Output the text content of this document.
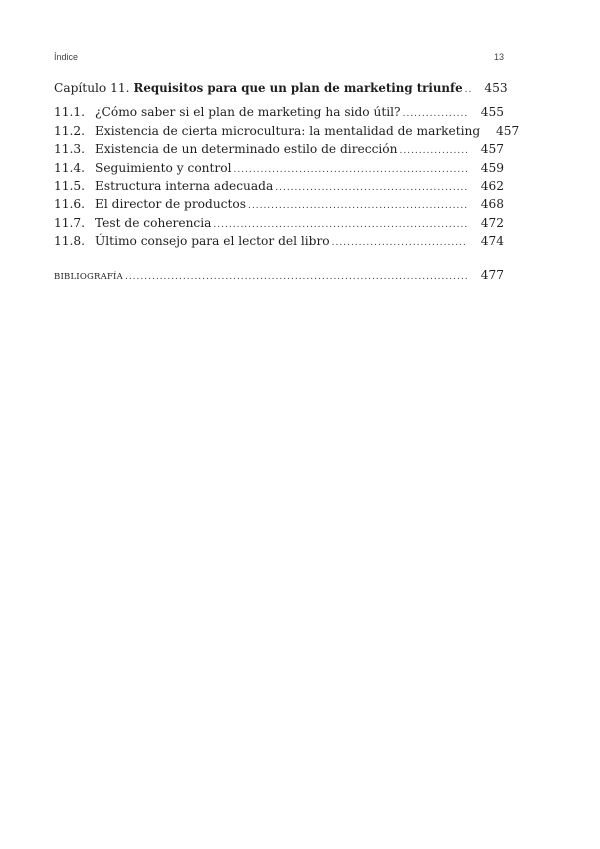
Índice	13
Capítulo 11. Requisitos para que un plan de marketing triunfe .....	453
11.1. ¿Cómo saber si el plan de marketing ha sido útil? .....	455
11.2. Existencia de cierta microcultura: la mentalidad de marketing	457
11.3. Existencia de un determinado estilo de dirección .....	457
11.4. Seguimiento y control .....	459
11.5. Estructura interna adecuada .....	462
11.6. El director de productos .....	468
11.7. Test de coherencia .....	472
11.8. Último consejo para el lector del libro .....	474
BIBLIOGRAFÍA .....	477
